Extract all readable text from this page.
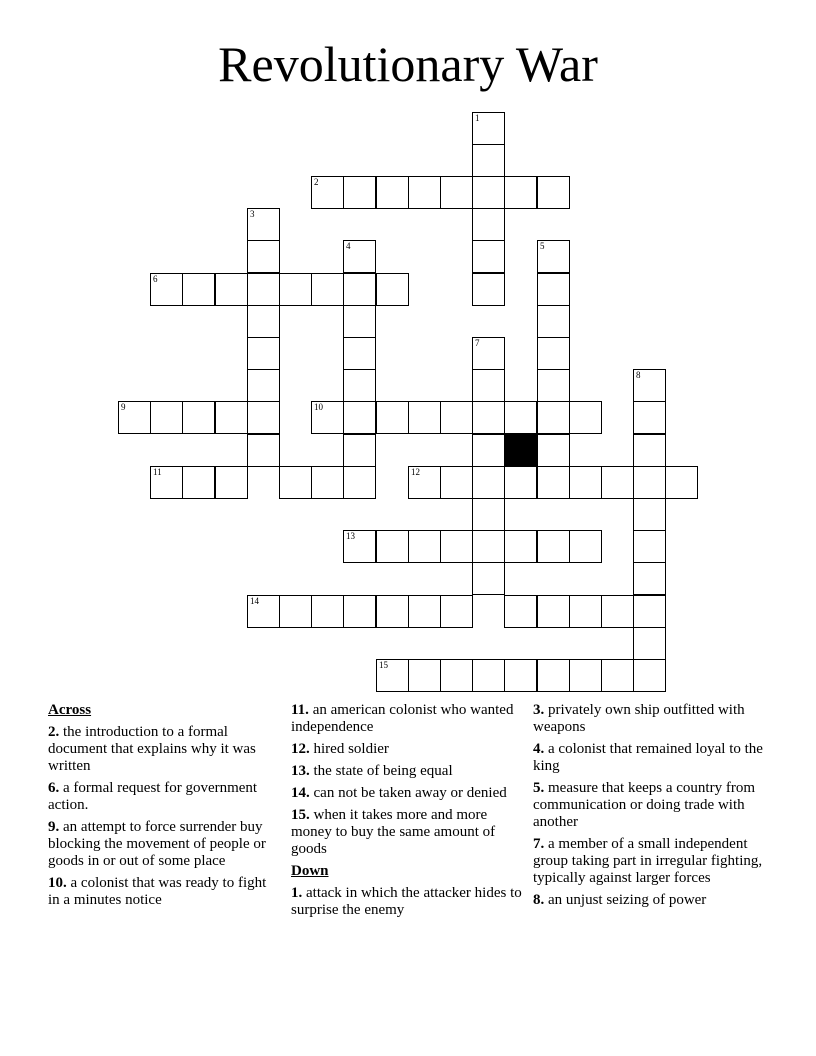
Revolutionary War
1
2
3
4	5
6
7
8
9	10
11	12
13
14
15
Across
2. the introduction to a formal document that explains why it was written
6. a formal request for government action.
9. an attempt to force surrender buy blocking the movement of people or goods in or out of some place
10. a colonist that was ready to fight in a minutes notice
11. an american colonist who wanted independence
12. hired soldier
13. the state of being equal
14. can not be taken away or denied
15. when it takes more and more money to buy the same amount of goods
Down
1. attack in which the attacker hides to surprise the enemy
3. privately own ship outfitted with weapons
4. a colonist that remained loyal to the king
5. measure that keeps a country from communication or doing trade with another
7. a member of a small independent group taking part in irregular fighting, typically against larger forces
8. an unjust seizing of power
